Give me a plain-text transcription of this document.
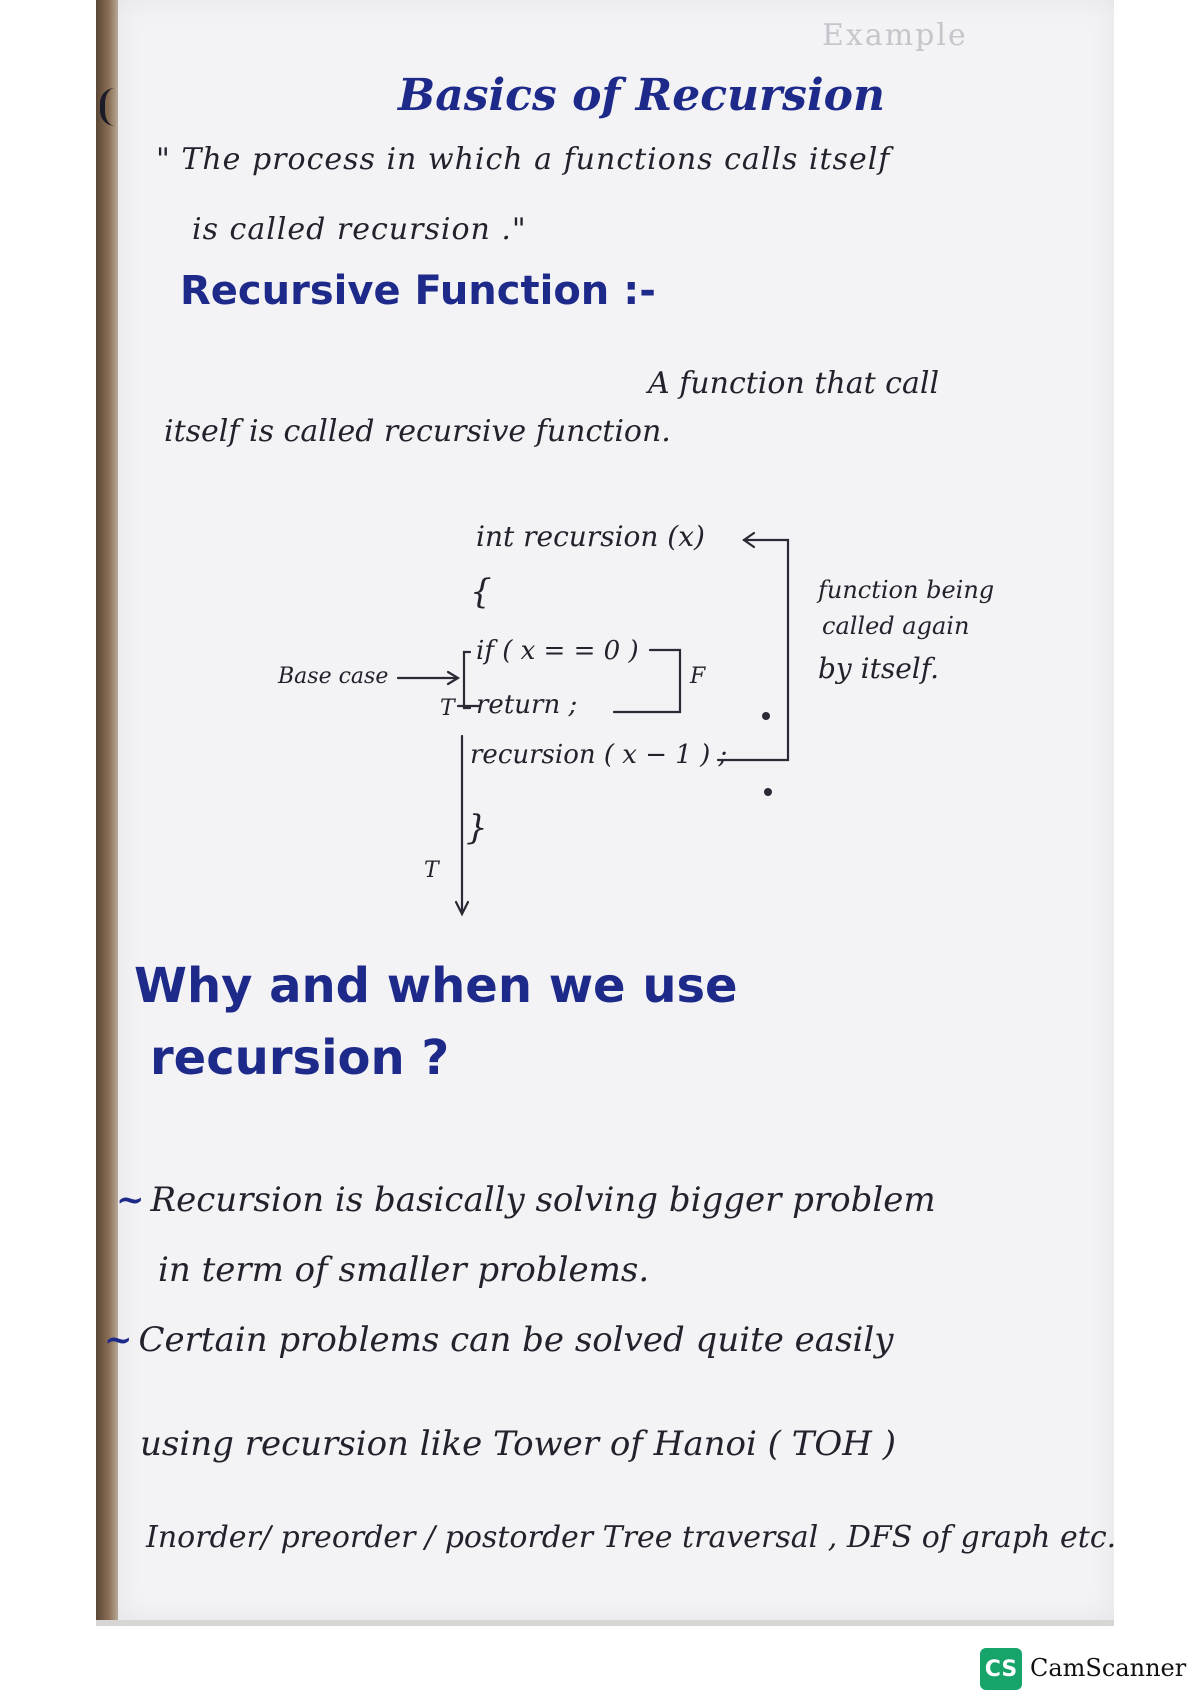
Example
Basics of Recursion
" The process in which a functions calls itself
is called recursion ."
Recursive Function :-
A function that call
itself is called recursive function.
int recursion (x)
{
if ( x = = 0 )
return ;
recursion ( x − 1 ) ;
}
T
F
T
Base case
function being
called again
by itself.
Why and when we use
recursion ?
~ Recursion is basically solving bigger problem
in term of smaller problems.
~ Certain problems can be solved quite easily
using recursion like Tower of Hanoi ( TOH )
Inorder/ preorder / postorder Tree traversal , DFS of graph etc.
CS CamScanner
